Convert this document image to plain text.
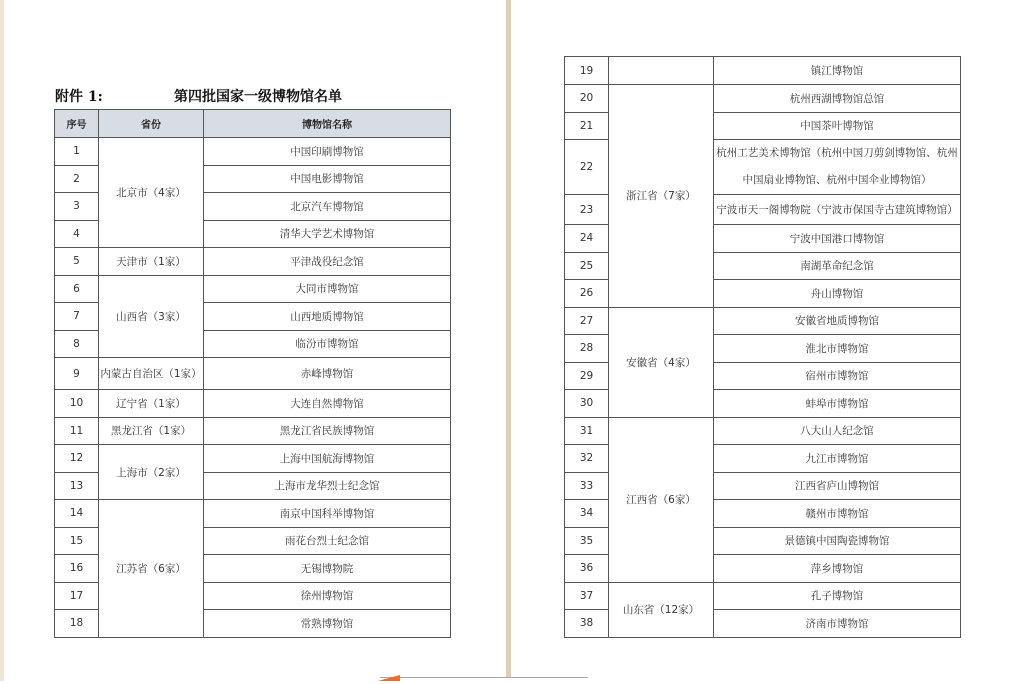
附件 1:	第四批国家一级博物馆名单
序号	省份	博物馆名称
1	北京市（4家）	中国印刷博物馆
2		中国电影博物馆
3		北京汽车博物馆
4		清华大学艺术博物馆
5	天津市（1家）	平津战役纪念馆
6	山西省（3家）	大同市博物馆
7		山西地质博物馆
8		临汾市博物馆
9	内蒙古自治区（1家）	赤峰博物馆
10	辽宁省（1家）	大连自然博物馆
11	黑龙江省（1家）	黑龙江省民族博物馆
12	上海市（2家）	上海中国航海博物馆
13		上海市龙华烈士纪念馆
14	江苏省（6家）	南京中国科举博物馆
15		雨花台烈士纪念馆
16		无锡博物院
17		徐州博物馆
18		常熟博物馆
19		镇江博物馆
20	浙江省（7家）	杭州西湖博物馆总馆
21		中国茶叶博物馆
22		杭州工艺美术博物馆（杭州中国刀剪剑博物馆、杭州中国扇业博物馆、杭州中国伞业博物馆）
23		宁波市天一阁博物院（宁波市保国寺古建筑博物馆）
24		宁波中国港口博物馆
25		南湖革命纪念馆
26		舟山博物馆
27	安徽省（4家）	安徽省地质博物馆
28		淮北市博物馆
29		宿州市博物馆
30		蚌埠市博物馆
31	江西省（6家）	八大山人纪念馆
32		九江市博物馆
33		江西省庐山博物馆
34		赣州市博物馆
35		景德镇中国陶瓷博物馆
36		萍乡博物馆
37	山东省（12家）	孔子博物馆
38		济南市博物馆
